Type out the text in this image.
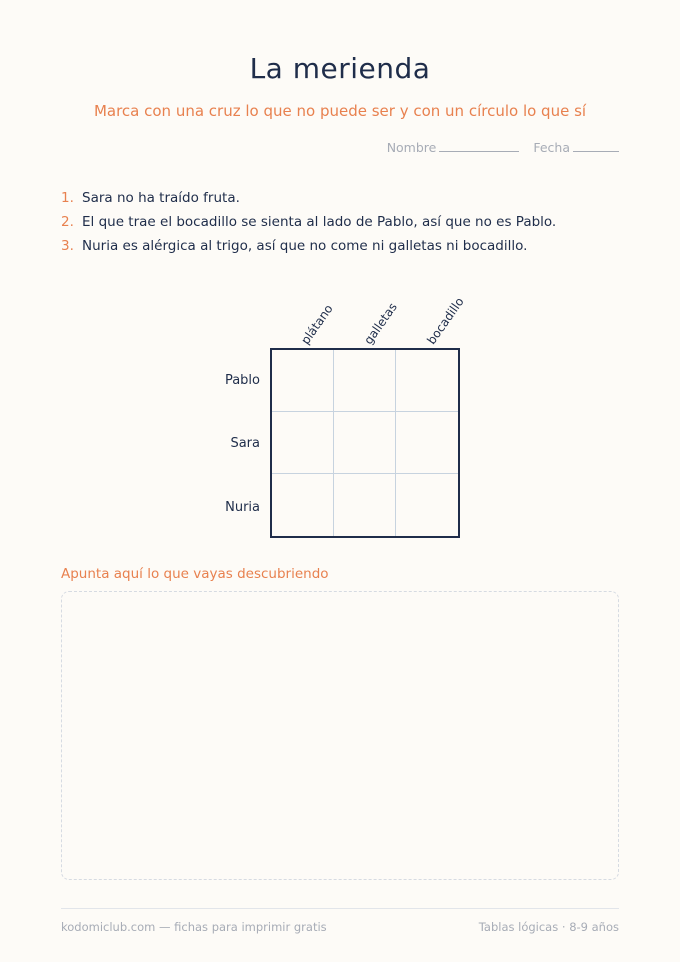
La merienda
Marca con una cruz lo que no puede ser y con un círculo lo que sí
Nombre	Fecha
1. Sara no ha traído fruta.
2. El que trae el bocadillo se sienta al lado de Pablo, así que no es Pablo.
3. Nuria es alérgica al trigo, así que no come ni galletas ni bocadillo.
plátano galletas bocadillo
Pablo
Sara
Nuria
Apunta aquí lo que vayas descubriendo
kodomiclub.com — fichas para imprimir gratis	Tablas lógicas · 8-9 años
